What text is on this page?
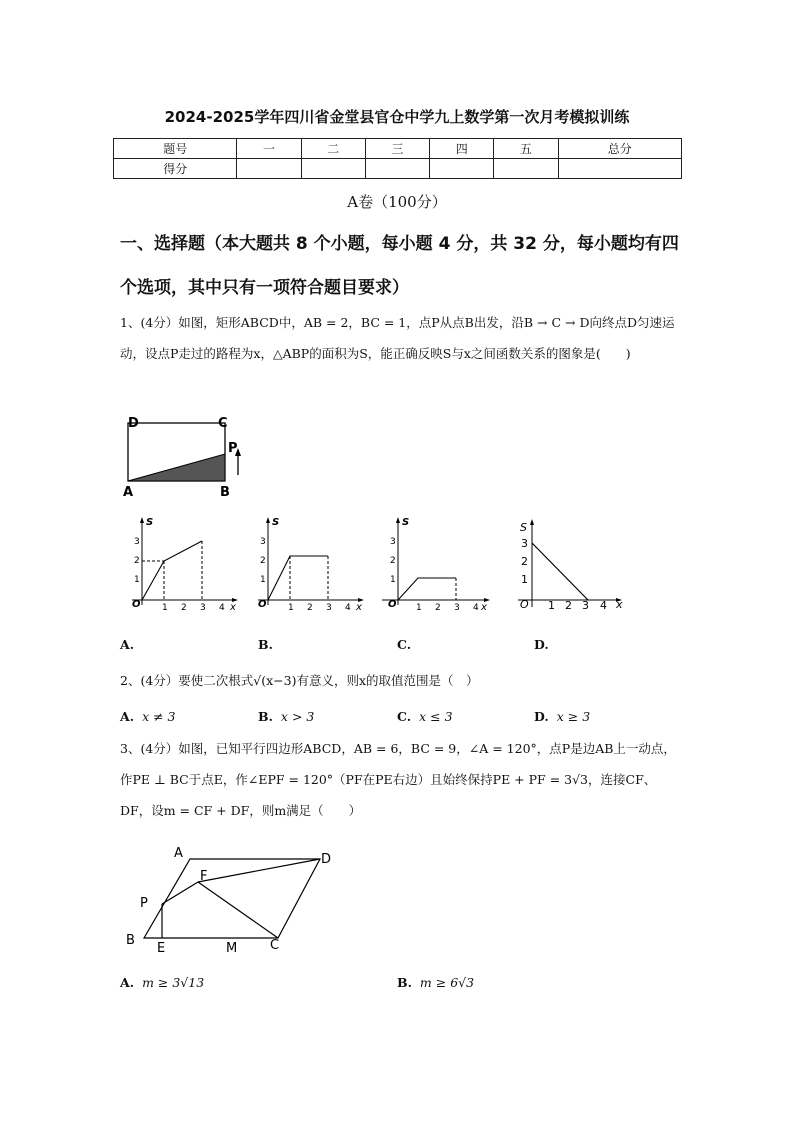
2024-2025学年四川省金堂县官仓中学九上数学第一次月考模拟训练
题号	一	二	三	四	五	总分
得分						
A卷（100分）
一、选择题（本大题共 8 个小题，每小题 4 分，共 32 分，每小题均有四个选项，其中只有一项符合题目要求）
1、(4分）如图，矩形ABCD中，AB = 2，BC = 1，点P从点B出发，沿B → C → D向终点D匀速运动，设点P走过的路程为x，△ABP的面积为S，能正确反映S与x之间函数关系的图象是(　　)
D	C
P
A	B
S
O	x
3
2
1
1 2 3 4
S
O	x
3
2
1
1 2 3 4
S
O	x
3
2
1
1 2 3 4
S
O	x
3
2
1
1 2 3 4
A.	B.	C.	D.
2、(4分）要使二次根式√(x−3)有意义，则x的取值范围是（　）
A. x ≠ 3	B. x > 3	C. x ≤ 3	D. x ≥ 3
3、(4分）如图，已知平行四边形ABCD，AB = 6，BC = 9，∠A = 120°，点P是边AB上一动点，作PE ⊥ BC于点E，作∠EPF = 120°（PF在PE右边）且始终保持PE + PF = 3√3，连接CF、DF，设m = CF + DF，则m满足（　　）
A	D
F
P
B
E	M	C
A. m ≥ 3√13	B. m ≥ 6√3
